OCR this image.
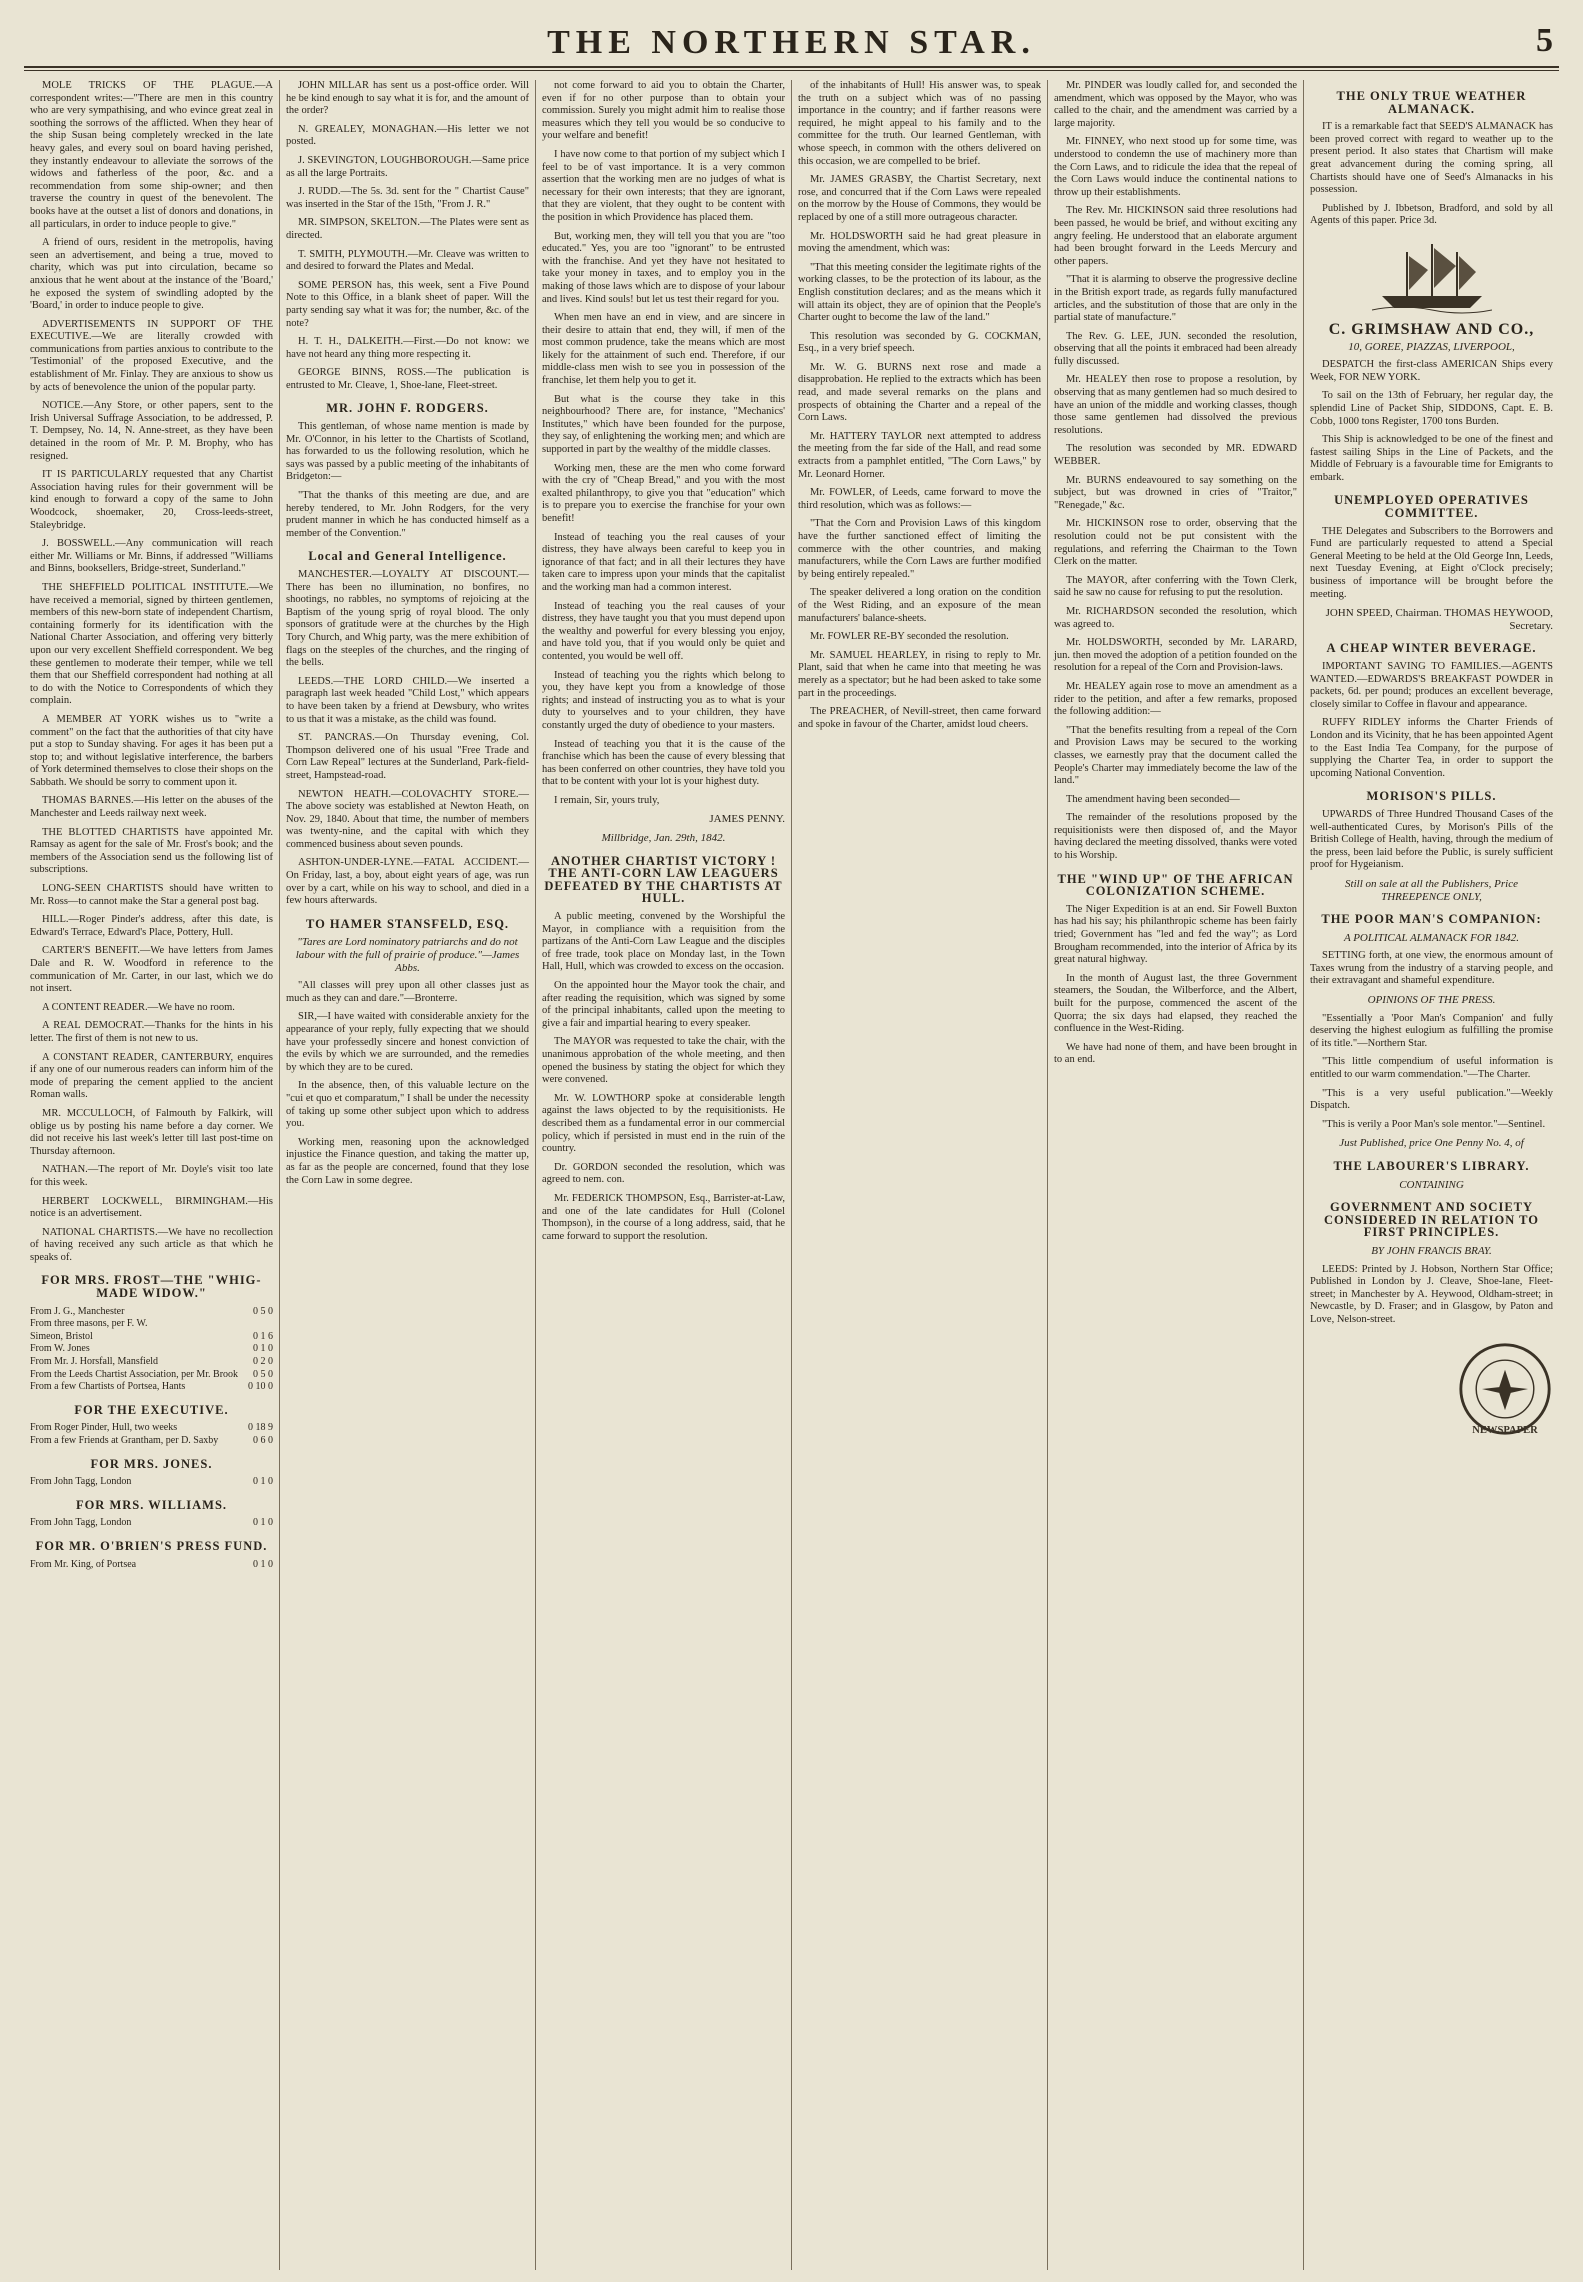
THE NORTHERN STAR.	5

MOLE TRICKS OF THE PLAGUE.—A correspondent writes:—"There are men in this country who are very sympathising, and who evince great zeal in soothing the sorrows of the afflicted. When they hear of the ship Susan being completely wrecked in the late heavy gales, and every soul on board having perished, they instantly endeavour to alleviate the sorrows of the widows and fatherless of the poor, &c. and a recommendation from some ship-owner; and then traverse the country in quest of the benevolent. The books have at the outset a list of donors and donations, in all particulars, in order to induce people to give."

A friend of ours, resident in the metropolis, having seen an advertisement, and being a true, moved to charity, which was put into circulation, became so anxious that he went about at the instance of the 'Board,' he exposed the system of swindling adopted by the 'Board,' in order to induce people to give.

ADVERTISEMENTS IN SUPPORT OF THE EXECUTIVE.—We are literally crowded with communications from parties anxious to contribute to the 'Testimonial' of the proposed Executive, and the establishment of Mr. Finlay. They are anxious to show us by acts of benevolence the union of the popular party.

NOTICE.—Any Store, or other papers, sent to the Irish Universal Suffrage Association, to be addressed, P. T. Dempsey, No. 14, N. Anne-street, as they have been detained in the room of Mr. P. M. Brophy, who has resigned.

IT IS PARTICULARLY requested that any Chartist Association having rules for their government will be kind enough to forward a copy of the same to John Woodcock, shoemaker, 20, Cross-leeds-street, Staleybridge.

J. BOSSWELL.—Any communication will reach either Mr. Williams or Mr. Binns, if addressed "Williams and Binns, booksellers, Bridge-street, Sunderland."

THE SHEFFIELD POLITICAL INSTITUTE.—We have received a memorial, signed by thirteen gentlemen, members of this new-born state of independent Chartism, containing formerly for its identification with the National Charter Association, and offering very bitterly upon our very excellent Sheffield correspondent. We beg these gentlemen to moderate their temper, while we tell them that our Sheffield correspondent had nothing at all to do with the Notice to Correspondents of which they complain.

A MEMBER AT YORK wishes us to "write a comment" on the fact that the authorities of that city have put a stop to Sunday shaving. For ages it has been put a stop to; and without legislative interference, the barbers of York determined themselves to close their shops on the Sabbath. We should be sorry to comment upon it.

THOMAS BARNES.—His letter on the abuses of the Manchester and Leeds railway next week.

THE BLOTTED CHARTISTS have appointed Mr. Ramsay as agent for the sale of Mr. Frost's book; and the members of the Association send us the following list of subscriptions.

LONG-SEEN CHARTISTS should have written to Mr. Ross—to cannot make the Star a general post bag.

HILL.—Roger Pinder's address, after this date, is Edward's Terrace, Edward's Place, Pottery, Hull.

CARTER'S BENEFIT.—We have letters from James Dale and R. W. Woodford in reference to the communication of Mr. Carter, in our last, which we do not insert.

A CONTENT READER.—We have no room.

A REAL DEMOCRAT.—Thanks for the hints in his letter. The first of them is not new to us.

A CONSTANT READER, CANTERBURY, enquires if any one of our numerous readers can inform him of the mode of preparing the cement applied to the ancient Roman walls.

MR. MCCULLOCH, of Falmouth by Falkirk, will oblige us by posting his name before a day corner. We did not receive his last week's letter till last post-time on Thursday afternoon.

NATHAN.—The report of Mr. Doyle's visit too late for this week.

HERBERT LOCKWELL, BIRMINGHAM.—His notice is an advertisement.

NATIONAL CHARTISTS.—We have no recollection of having received any such article as that which he speaks of.

FOR MRS. FROST—THE "WHIG-MADE WIDOW."
From J. G., Manchester	0 5 0
From three masons, per F. W.
Simeon, Bristol	0 1 6
From W. Jones	0 1 0
From Mr. J. Horsfall, Mansfield	0 2 0
From the Leeds Chartist Association, per Mr. Brook 0 5 0
From a few Chartists of Portsea, Hants	0 10 0
FOR THE EXECUTIVE.
From Roger Pinder, Hull, two weeks	0 18 9
From a few Friends at Grantham, per D. Saxby	0 6 0
FOR MRS. JONES.
From John Tagg, London	0 1 0
FOR MRS. WILLIAMS.
From John Tagg, London	0 1 0
FOR MR. O'BRIEN'S PRESS FUND.
From Mr. King, of Portsea	0 1 0

JOHN MILLAR has sent us a post-office order. Will he be kind enough to say what it is for, and the amount of the order?

N. GREALEY, MONAGHAN.—His letter we not posted.

J. SKEVINGTON, LOUGHBOROUGH.—Same price as all the large Portraits.

J. RUDD.—The 5s. 3d. sent for the " Chartist Cause" was inserted in the Star of the 15th, "From J. R."

MR. SIMPSON, SKELTON.—The Plates were sent as directed.

T. SMITH, PLYMOUTH.—Mr. Cleave was written to and desired to forward the Plates and Medal.

SOME PERSON has, this week, sent a Five Pound Note to this Office, in a blank sheet of paper. Will the party sending say what it was for; the number, &c. of the note?

H. T. H., DALKEITH.—First.—Do not know: we have not heard any thing more respecting it.

GEORGE BINNS, ROSS.—The publication is entrusted to Mr. Cleave, 1, Shoe-lane, Fleet-street.

MR. JOHN F. RODGERS.

This gentleman, of whose name mention is made by Mr. O'Connor, in his letter to the Chartists of Scotland, has forwarded to us the following resolution, which he says was passed by a public meeting of the inhabitants of Bridgeton:—

"That the thanks of this meeting are due, and are hereby tendered, to Mr. John Rodgers, for the very prudent manner in which he has conducted himself as a member of the Convention."

Local and General Intelligence.

MANCHESTER.—LOYALTY AT DISCOUNT.—There has been no illumination, no bonfires, no shootings, no rabbles, no symptoms of rejoicing at the Baptism of the young sprig of royal blood. The only sponsors of gratitude were at the churches by the High Tory Church, and Whig party, was the mere exhibition of flags on the steeples of the churches, and the ringing of the bells.

LEEDS.—THE LORD CHILD.—We inserted a paragraph last week headed "Child Lost," which appears to have been taken by a friend at Dewsbury, who writes to us that it was a mistake, as the child was found.

ST. PANCRAS.—On Thursday evening, Col. Thompson delivered one of his usual "Free Trade and Corn Law Repeal" lectures at the Sunderland, Park-field-street, Hampstead-road.

NEWTON HEATH.—COLOVACHTY STORE.—The above society was established at Newton Heath, on Nov. 29, 1840. About that time, the number of members was twenty-nine, and the capital with which they commenced business about seven pounds.

ASHTON-UNDER-LYNE.—FATAL ACCIDENT.—On Friday, last, a boy, about eight years of age, was run over by a cart, while on his way to school, and died in a few hours afterwards.

TO HAMER STANSFELD, ESQ.
"Tares are Lord nominatory patriarchs and do not labour with the full of prairie of produce."—James Abbs.

"All classes will prey upon all other classes just as much as they can and dare."—Bronterre.

SIR,—I have waited with considerable anxiety for the appearance of your reply, fully expecting that we should have your professedly sincere and honest conviction of the evils by which we are surrounded, and the remedies by which they are to be cured.

In the absence, then, of this valuable lecture on the "cui et quo et comparatum," I shall be under the necessity of taking up some other subject upon which to address you.

Working men, reasoning upon the acknowledged injustice the Finance question, and taking the matter up, as far as the people are concerned, found that they lose the Corn Law in some degree.

not come forward to aid you to obtain the Charter, even if for no other purpose than to obtain your commission. Surely you might admit him to realise those measures which they tell you would be so conducive to your welfare and benefit!

I have now come to that portion of my subject which I feel to be of vast importance. It is a very common assertion that the working men are no judges of what is necessary for their own interests; that they are ignorant, that they are violent, that they ought to be content with the position in which Providence has placed them.

But, working men, they will tell you that you are "too educated." Yes, you are too "ignorant" to be entrusted with the franchise. And yet they have not hesitated to take your money in taxes, and to employ you in the making of those laws which are to dispose of your labour and lives. Kind souls! but let us test their regard for you.

When men have an end in view, and are sincere in their desire to attain that end, they will, if men of the most common prudence, take the means which are most likely for the attainment of such end. Therefore, if our middle-class men wish to see you in possession of the franchise, let them help you to get it.

But what is the course they take in this neighbourhood? There are, for instance, "Mechanics' Institutes," which have been founded for the purpose, they say, of enlightening the working men; and which are supported in part by the wealthy of the middle classes.

Working men, these are the men who come forward with the cry of "Cheap Bread," and you with the most exalted philanthropy, to give you that "education" which is to prepare you to exercise the franchise for your own benefit!

Instead of teaching you the real causes of your distress, they have always been careful to keep you in ignorance of that fact; and in all their lectures they have taken care to impress upon your minds that the capitalist and the working man had a common interest.

Instead of teaching you the real causes of your distress, they have taught you that you must depend upon the wealthy and powerful for every blessing you enjoy, and have told you, that if you would only be quiet and contented, you would be well off.

Instead of teaching you the rights which belong to you, they have kept you from a knowledge of those rights; and instead of instructing you as to what is your duty to yourselves and to your children, they have constantly urged the duty of obedience to your masters.

Instead of teaching you that it is the cause of the franchise which has been the cause of every blessing that has been conferred on other countries, they have told you that to be content with your lot is your highest duty.

I remain, Sir, yours truly,

JAMES PENNY.
Millbridge, Jan. 29th, 1842.
ANOTHER CHARTIST VICTORY ! THE ANTI-CORN LAW LEAGUERS DEFEATED BY THE CHARTISTS AT HULL.

A public meeting, convened by the Worshipful the Mayor, in compliance with a requisition from the partizans of the Anti-Corn Law League and the disciples of free trade, took place on Monday last, in the Town Hall, Hull, which was crowded to excess on the occasion.

On the appointed hour the Mayor took the chair, and after reading the requisition, which was signed by some of the principal inhabitants, called upon the meeting to give a fair and impartial hearing to every speaker.

The MAYOR was requested to take the chair, with the unanimous approbation of the whole meeting, and then opened the business by stating the object for which they were convened.

Mr. W. LOWTHORP spoke at considerable length against the laws objected to by the requisitionists. He described them as a fundamental error in our commercial policy, which if persisted in must end in the ruin of the country.

Dr. GORDON seconded the resolution, which was agreed to nem. con.

Mr. FEDERICK THOMPSON, Esq., Barrister-at-Law, and one of the late candidates for Hull (Colonel Thompson), in the course of a long address, said, that he came forward to support the resolution.

of the inhabitants of Hull! His answer was, to speak the truth on a subject which was of no passing importance in the country; and if farther reasons were required, he might appeal to his family and to the committee for the truth. Our learned Gentleman, with whose speech, in common with the others delivered on this occasion, we are compelled to be brief.

Mr. JAMES GRASBY, the Chartist Secretary, next rose, and concurred that if the Corn Laws were repealed on the morrow by the House of Commons, they would be replaced by one of a still more outrageous character.

Mr. HOLDSWORTH said he had great pleasure in moving the amendment, which was:

"That this meeting consider the legitimate rights of the working classes, to be the protection of its labour, as the English constitution declares; and as the means which it will attain its object, they are of opinion that the People's Charter ought to become the law of the land."

This resolution was seconded by G. COCKMAN, Esq., in a very brief speech.

Mr. W. G. BURNS next rose and made a disapprobation. He replied to the extracts which has been read, and made several remarks on the plans and prospects of obtaining the Charter and a repeal of the Corn Laws.

Mr. HATTERY TAYLOR next attempted to address the meeting from the far side of the Hall, and read some extracts from a pamphlet entitled, "The Corn Laws," by Mr. Leonard Horner.

Mr. FOWLER, of Leeds, came forward to move the third resolution, which was as follows:—

"That the Corn and Provision Laws of this kingdom have the further sanctioned effect of limiting the commerce with the other countries, and making manufacturers, while the Corn Laws are further modified by being entirely repealed."

The speaker delivered a long oration on the condition of the West Riding, and an exposure of the mean manufacturers' balance-sheets.

Mr. FOWLER RE-BY seconded the resolution.

Mr. SAMUEL HEARLEY, in rising to reply to Mr. Plant, said that when he came into that meeting he was merely as a spectator; but he had been asked to take some part in the proceedings.

The PREACHER, of Nevill-street, then came forward and spoke in favour of the Charter, amidst loud cheers.

Mr. PINDER was loudly called for, and seconded the amendment, which was opposed by the Mayor, who was called to the chair, and the amendment was carried by a large majority.

Mr. FINNEY, who next stood up for some time, was understood to condemn the use of machinery more than the Corn Laws, and to ridicule the idea that the repeal of the Corn Laws would induce the continental nations to throw up their establishments.

The Rev. Mr. HICKINSON said three resolutions had been passed, he would be brief, and without exciting any angry feeling. He understood that an elaborate argument had been brought forward in the Leeds Mercury and other papers.

"That it is alarming to observe the progressive decline in the British export trade, as regards fully manufactured articles, and the substitution of those that are only in the partial state of manufacture."

The Rev. G. LEE, JUN. seconded the resolution, observing that all the points it embraced had been already fully discussed.

Mr. HEALEY then rose to propose a resolution, by observing that as many gentlemen had so much desired to have an union of the middle and working classes, though those same gentlemen had dissolved the previous resolutions.

The resolution was seconded by MR. EDWARD WEBBER.

Mr. BURNS endeavoured to say something on the subject, but was drowned in cries of "Traitor," "Renegade," &c.

Mr. HICKINSON rose to order, observing that the resolution could not be put consistent with the regulations, and referring the Chairman to the Town Clerk on the matter.

The MAYOR, after conferring with the Town Clerk, said he saw no cause for refusing to put the resolution.

Mr. RICHARDSON seconded the resolution, which was agreed to.

Mr. HOLDSWORTH, seconded by Mr. LARARD, jun. then moved the adoption of a petition founded on the resolution for a repeal of the Corn and Provision-laws.

Mr. HEALEY again rose to move an amendment as a rider to the petition, and after a few remarks, proposed the following addition:—

"That the benefits resulting from a repeal of the Corn and Provision Laws may be secured to the working classes, we earnestly pray that the document called the People's Charter may immediately become the law of the land."

The amendment having been seconded—

The remainder of the resolutions proposed by the requisitionists were then disposed of, and the Mayor having declared the meeting dissolved, thanks were voted to his Worship.

THE "WIND UP" OF THE AFRICAN COLONIZATION SCHEME.

The Niger Expedition is at an end. Sir Fowell Buxton has had his say; his philanthropic scheme has been fairly tried; Government has "led and fed the way"; as Lord Brougham recommended, into the interior of Africa by its great natural highway.

In the month of August last, the three Government steamers, the Soudan, the Wilberforce, and the Albert, built for the purpose, commenced the ascent of the Quorra; the six days had elapsed, they reached the confluence in the West-Riding.

We have had none of them, and have been brought in to an end.

THE ONLY TRUE WEATHER ALMANACK.

IT is a remarkable fact that SEED'S ALMANACK has been proved correct with regard to weather up to the present period. It also states that Chartism will make great advancement during the coming spring, all Chartists should have one of Seed's Almanacks in his possession.

Published by J. Ibbetson, Bradford, and sold by all Agents of this paper. Price 3d.

C. GRIMSHAW AND CO.,
10, GOREE, PIAZZAS, LIVERPOOL,

DESPATCH the first-class AMERICAN Ships every Week, FOR NEW YORK.

To sail on the 13th of February, her regular day, the splendid Line of Packet Ship, SIDDONS, Capt. E. B. Cobb, 1000 tons Register, 1700 tons Burden.

This Ship is acknowledged to be one of the finest and fastest sailing Ships in the Line of Packets, and the Middle of February is a favourable time for Emigrants to embark.

UNEMPLOYED OPERATIVES COMMITTEE.

THE Delegates and Subscribers to the Borrowers and Fund are particularly requested to attend a Special General Meeting to be held at the Old George Inn, Leeds, next Tuesday Evening, at Eight o'Clock precisely; business of importance will be brought before the meeting.

JOHN SPEED, Chairman. THOMAS HEYWOOD, Secretary.
A CHEAP WINTER BEVERAGE.

IMPORTANT SAVING TO FAMILIES.—AGENTS WANTED.—EDWARDS'S BREAKFAST POWDER in packets, 6d. per pound; produces an excellent beverage, closely similar to Coffee in flavour and appearance.

RUFFY RIDLEY informs the Charter Friends of London and its Vicinity, that he has been appointed Agent to the East India Tea Company, for the purpose of supplying the Charter Tea, in order to support the upcoming National Convention.

MORISON'S PILLS.

UPWARDS of Three Hundred Thousand Cases of the well-authenticated Cures, by Morison's Pills of the British College of Health, having, through the medium of the press, been laid before the Public, is surely sufficient proof for Hygeianism.

Still on sale at all the Publishers, Price THREEPENCE ONLY,
THE POOR MAN'S COMPANION:
A POLITICAL ALMANACK FOR 1842.

SETTING forth, at one view, the enormous amount of Taxes wrung from the industry of a starving people, and their extravagant and shameful expenditure.

OPINIONS OF THE PRESS.

"Essentially a 'Poor Man's Companion' and fully deserving the highest eulogium as fulfilling the promise of its title."—Northern Star.

"This little compendium of useful information is entitled to our warm commendation."—The Charter.

"This is a very useful publication."—Weekly Dispatch.

"This is verily a Poor Man's sole mentor."—Sentinel.

Just Published, price One Penny No. 4, of
THE LABOURER'S LIBRARY.
CONTAINING
GOVERNMENT AND SOCIETY CONSIDERED IN RELATION TO FIRST PRINCIPLES.
BY JOHN FRANCIS BRAY.

LEEDS: Printed by J. Hobson, Northern Star Office; Published in London by J. Cleave, Shoe-lane, Fleet-street; in Manchester by A. Heywood, Oldham-street; in Newcastle, by D. Fraser; and in Glasgow, by Paton and Love, Nelson-street.

NEWSPAPER
